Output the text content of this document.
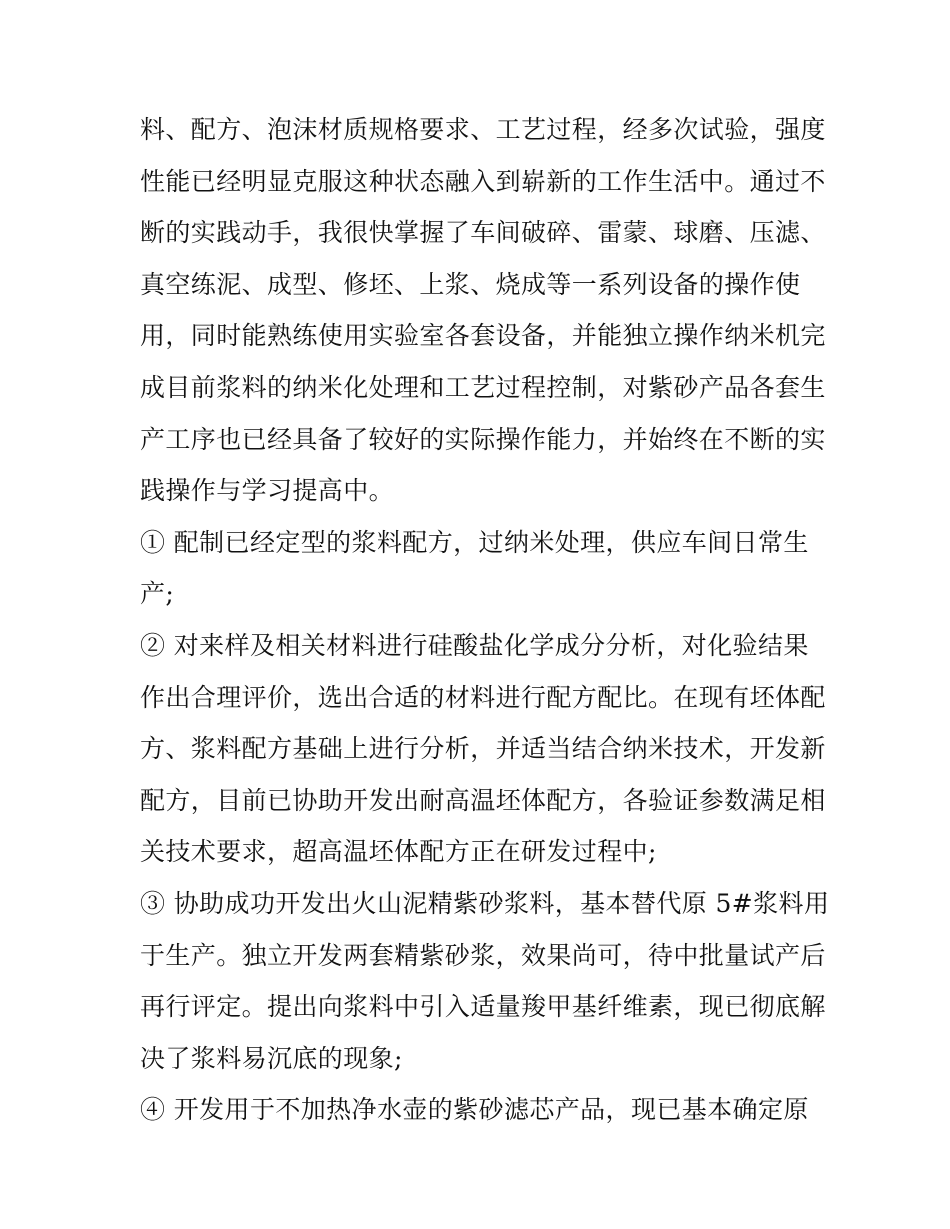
料、配方、泡沫材质规格要求、工艺过程，经多次试验，强度
性能已经明显克服这种状态融入到崭新的工作生活中。通过不
断的实践动手，我很快掌握了车间破碎、雷蒙、球磨、压滤、
真空练泥、成型、修坯、上浆、烧成等一系列设备的操作使
用，同时能熟练使用实验室各套设备，并能独立操作纳米机完
成目前浆料的纳米化处理和工艺过程控制，对紫砂产品各套生
产工序也已经具备了较好的实际操作能力，并始终在不断的实
践操作与学习提高中。
① 配制已经定型的浆料配方，过纳米处理，供应车间日常生
产;
② 对来样及相关材料进行硅酸盐化学成分分析，对化验结果
作出合理评价，选出合适的材料进行配方配比。在现有坯体配
方、浆料配方基础上进行分析，并适当结合纳米技术，开发新
配方，目前已协助开发出耐高温坯体配方，各验证参数满足相
关技术要求，超高温坯体配方正在研发过程中;
③ 协助成功开发出火山泥精紫砂浆料，基本替代原 5#浆料用
于生产。独立开发两套精紫砂浆，效果尚可，待中批量试产后
再行评定。提出向浆料中引入适量羧甲基纤维素，现已彻底解
决了浆料易沉底的现象;
④ 开发用于不加热净水壶的紫砂滤芯产品，现已基本确定原
